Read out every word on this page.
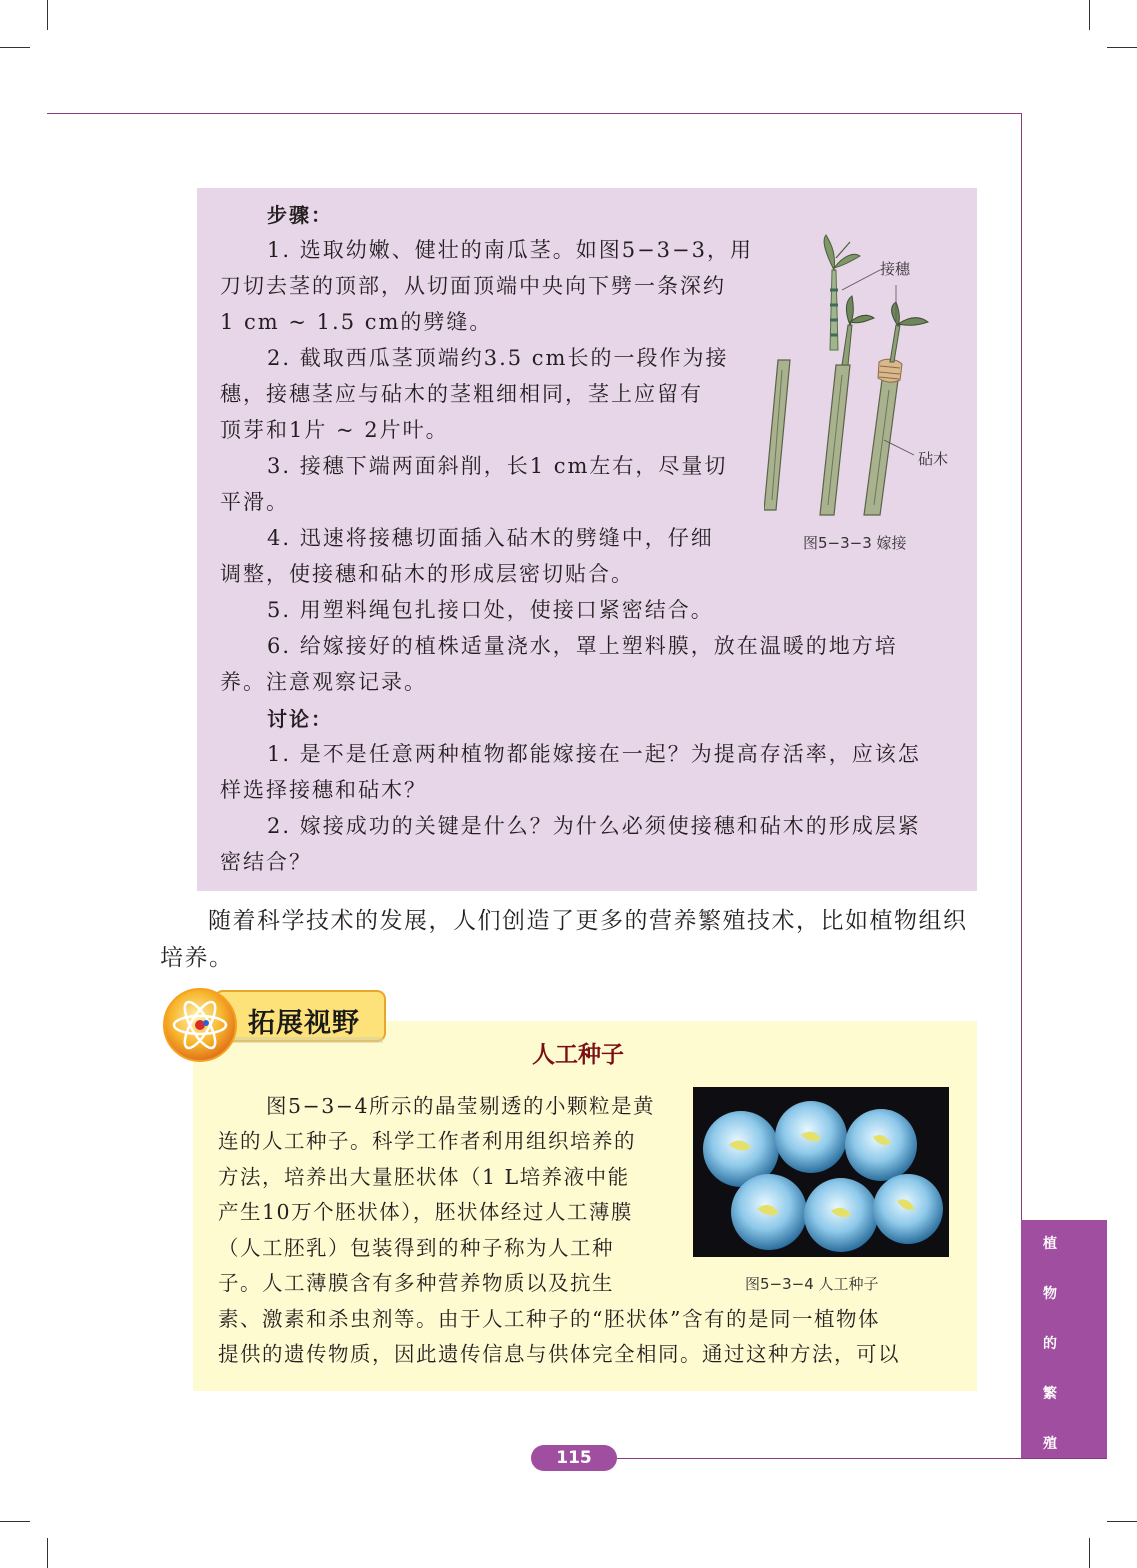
步骤：
1. 选取幼嫩、健壮的南瓜茎。如图5−3−3，用
刀切去茎的顶部，从切面顶端中央向下劈一条深约
1 cm ~ 1.5 cm的劈缝。
2. 截取西瓜茎顶端约3.5 cm长的一段作为接
穗，接穗茎应与砧木的茎粗细相同，茎上应留有
顶芽和1片 ~ 2片叶。
3. 接穗下端两面斜削，长1 cm左右，尽量切
平滑。
4. 迅速将接穗切面插入砧木的劈缝中，仔细
调整，使接穗和砧木的形成层密切贴合。
5. 用塑料绳包扎接口处，使接口紧密结合。
6. 给嫁接好的植株适量浇水，罩上塑料膜，放在温暖的地方培
养。注意观察记录。
讨论：
1. 是不是任意两种植物都能嫁接在一起？为提高存活率，应该怎
样选择接穗和砧木？
2. 嫁接成功的关键是什么？为什么必须使接穗和砧木的形成层紧
密结合？
接穗
砧木
图5−3−3 嫁接
随着科学技术的发展，人们创造了更多的营养繁殖技术，比如植物组织
培养。
拓展视野
人工种子
图5−3−4所示的晶莹剔透的小颗粒是黄
连的人工种子。科学工作者利用组织培养的
方法，培养出大量胚状体（1 L培养液中能
产生10万个胚状体），胚状体经过人工薄膜
（人工胚乳）包装得到的种子称为人工种
子。人工薄膜含有多种营养物质以及抗生
素、激素和杀虫剂等。由于人工种子的“胚状体”含有的是同一植物体
提供的遗传物质，因此遗传信息与供体完全相同。通过这种方法，可以
图5−3−4 人工种子
植
物
的
繁
殖
115
